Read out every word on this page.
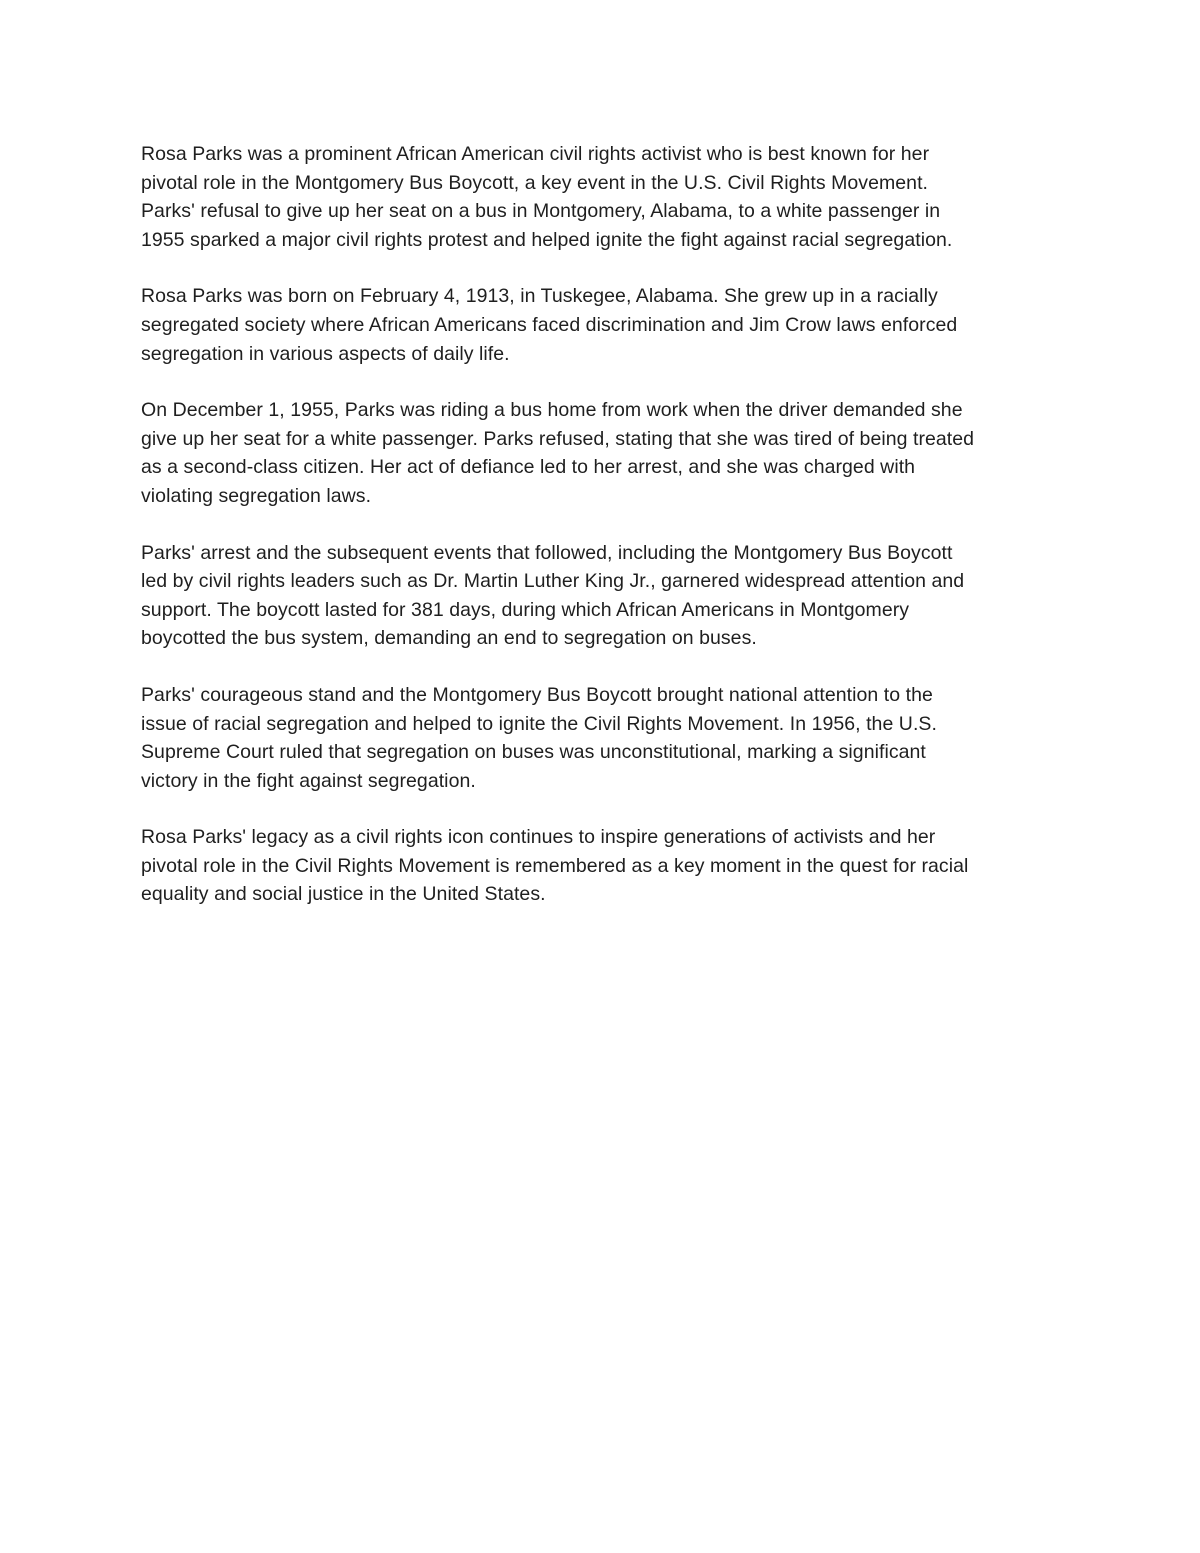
Rosa Parks was a prominent African American civil rights activist who is best known for her
pivotal role in the Montgomery Bus Boycott, a key event in the U.S. Civil Rights Movement.
Parks' refusal to give up her seat on a bus in Montgomery, Alabama, to a white passenger in
1955 sparked a major civil rights protest and helped ignite the fight against racial segregation.

Rosa Parks was born on February 4, 1913, in Tuskegee, Alabama. She grew up in a racially
segregated society where African Americans faced discrimination and Jim Crow laws enforced
segregation in various aspects of daily life.

On December 1, 1955, Parks was riding a bus home from work when the driver demanded she
give up her seat for a white passenger. Parks refused, stating that she was tired of being treated
as a second-class citizen. Her act of defiance led to her arrest, and she was charged with
violating segregation laws.

Parks' arrest and the subsequent events that followed, including the Montgomery Bus Boycott
led by civil rights leaders such as Dr. Martin Luther King Jr., garnered widespread attention and
support. The boycott lasted for 381 days, during which African Americans in Montgomery
boycotted the bus system, demanding an end to segregation on buses.

Parks' courageous stand and the Montgomery Bus Boycott brought national attention to the
issue of racial segregation and helped to ignite the Civil Rights Movement. In 1956, the U.S.
Supreme Court ruled that segregation on buses was unconstitutional, marking a significant
victory in the fight against segregation.

Rosa Parks' legacy as a civil rights icon continues to inspire generations of activists and her
pivotal role in the Civil Rights Movement is remembered as a key moment in the quest for racial
equality and social justice in the United States.
